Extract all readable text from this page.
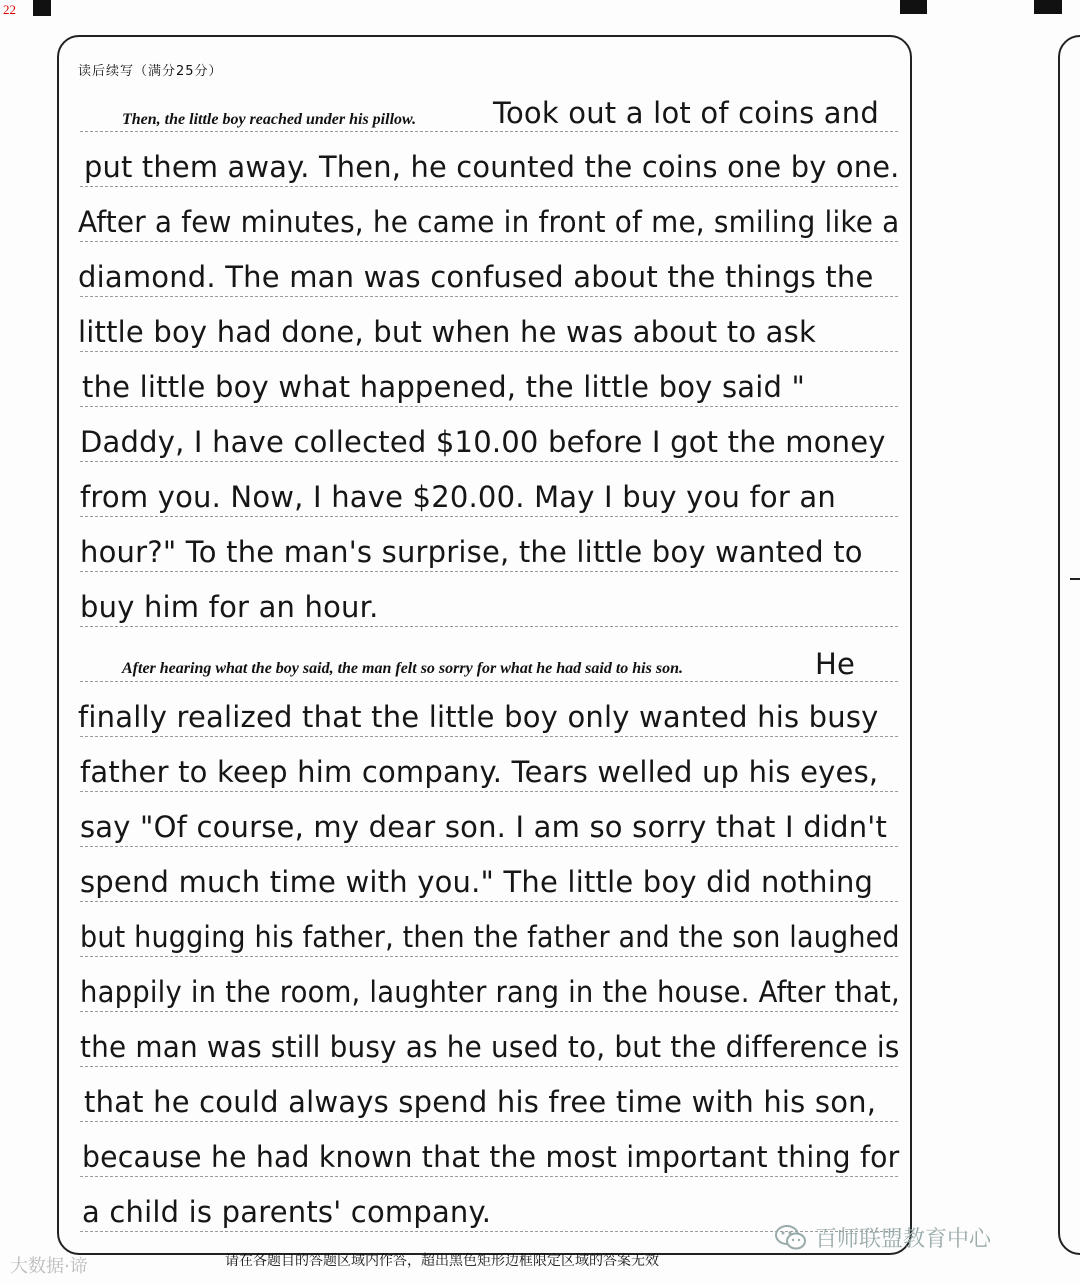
22
读后续写（满分25分）
Then, the little boy reached under his pillow.	Took out a lot of coins and
put them away. Then, he counted the coins one by one.
After a few minutes, he came in front of me, smiling like a
diamond. The man was confused about the things the
little boy had done, but when he was about to ask
the little boy what happened, the little boy said "
Daddy, I have collected $10.00 before I got the money
from you. Now, I have $20.00. May I buy you for an
hour?" To the man's surprise, the little boy wanted to
buy him for an hour.
After hearing what the boy said, the man felt so sorry for what he had said to his son.	He
finally realized that the little boy only wanted his busy
father to keep him company. Tears welled up his eyes,
say "Of course, my dear son. I am so sorry that I didn't
spend much time with you." The little boy did nothing
but hugging his father, then the father and the son laughed
happily in the room, laughter rang in the house. After that,
the man was still busy as he used to, but the difference is
that he could always spend his free time with his son,
because he had known that the most important thing for
a child is parents' company.
请在各题目的答题区域内作答，超出黑色矩形边框限定区域的答案无效
百师联盟教育中心
大数据·谛
